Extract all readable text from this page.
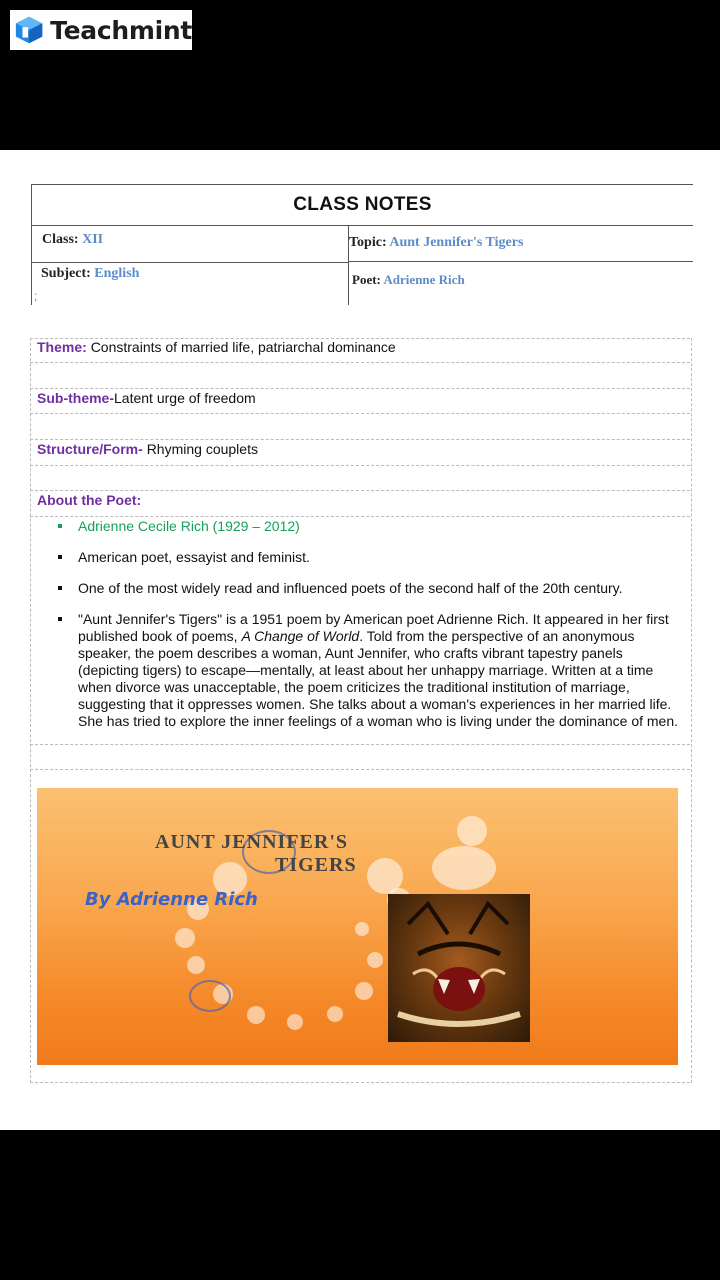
Teachmint
CLASS NOTES
Class: XII	Topic: Aunt Jennifer's Tigers
Subject: English	Poet: Adrienne Rich
;
Theme: Constraints of married life, patriarchal dominance
Sub-theme-Latent urge of freedom
Structure/Form- Rhyming couplets
About the Poet:
Adrienne Cecile Rich (1929 – 2012)
American poet, essayist and feminist.
One of the most widely read and influenced poets of the second half of the 20th century.
"Aunt Jennifer's Tigers" is a 1951 poem by American poet Adrienne Rich. It appeared in her first published book of poems, A Change of World. Told from the perspective of an anonymous speaker, the poem describes a woman, Aunt Jennifer, who crafts vibrant tapestry panels (depicting tigers) to escape—mentally, at least about her unhappy marriage. Written at a time when divorce was unacceptable, the poem criticizes the traditional institution of marriage, suggesting that it oppresses women. She talks about a woman's experiences in her married life. She has tried to explore the inner feelings of a woman who is living under the dominance of men.
AUNT JENNIFER'S
TIGERS
By Adrienne Rich
